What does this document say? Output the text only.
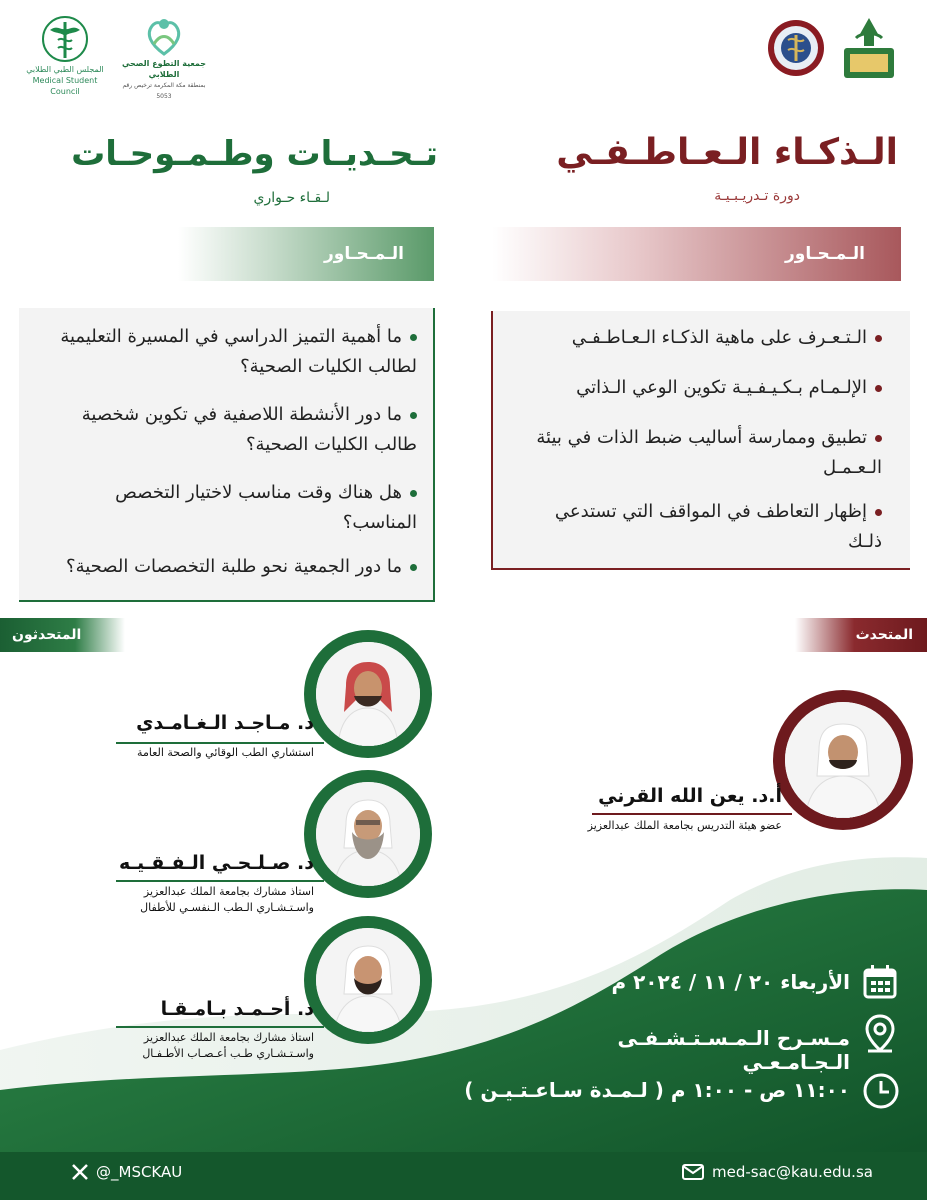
المجلس الطبي الطلابي
Medical Student Council
جمعية التطوع الصحي الطلابي
بمنطقة مكة المكرمة ترخيص رقم 5053
الـذكـاء الـعـاطـفـي
دورة تـدريـبـيـة
تـحـديـات وطـمـوحـات
لـقـاء حـواري
الـمـحـاور
الـمـحـاور
الـتـعـرف على ماهية الذكـاء الـعـاطـفـي
الإلـمـام بـكـيـفـيـة تكوين الوعي الـذاتي
تطبيق وممارسة أساليب ضبط الذات في بيئة الـعـمـل
إظهار التعاطف في المواقف التي تستدعي ذلـك
ما أهمية التميز الدراسي في المسيرة التعليمية لطالب الكليات الصحية؟
ما دور الأنشطة اللاصفية في تكوين شخصية طالب الكليات الصحية؟
هل هناك وقت مناسب لاختيار التخصص المناسب؟
ما دور الجمعية نحو طلبة التخصصات الصحية؟
المتحدثون	المتحدث
د. مـاجـد الـغـامـدي
استشاري الطب الوقائي والصحة العامة
د. صـلـحـي الـفـقـيـه
استاذ مشارك بجامعة الملك عبدالعزيز
واسـتـشـاري الـطب الـنفسـي للأطفال
د. أحـمـد بـامـقـا
استاذ مشارك بجامعة الملك عبدالعزيز
واسـتـشـاري طـب أعـصـاب الأطـفـال
أ.د. يعن الله القرني
عضو هيئة التدريس بجامعة الملك عبدالعزيز
الأربعاء ٢٠ / ١١ / ٢٠٢٤ م
مـسـرح الـمـسـتـشـفـى الـجـامـعـي
١١:٠٠ ص - ١:٠٠ م ( لـمـدة سـاعـتـيـن )
@_MSCKAU	med-sac@kau.edu.sa
